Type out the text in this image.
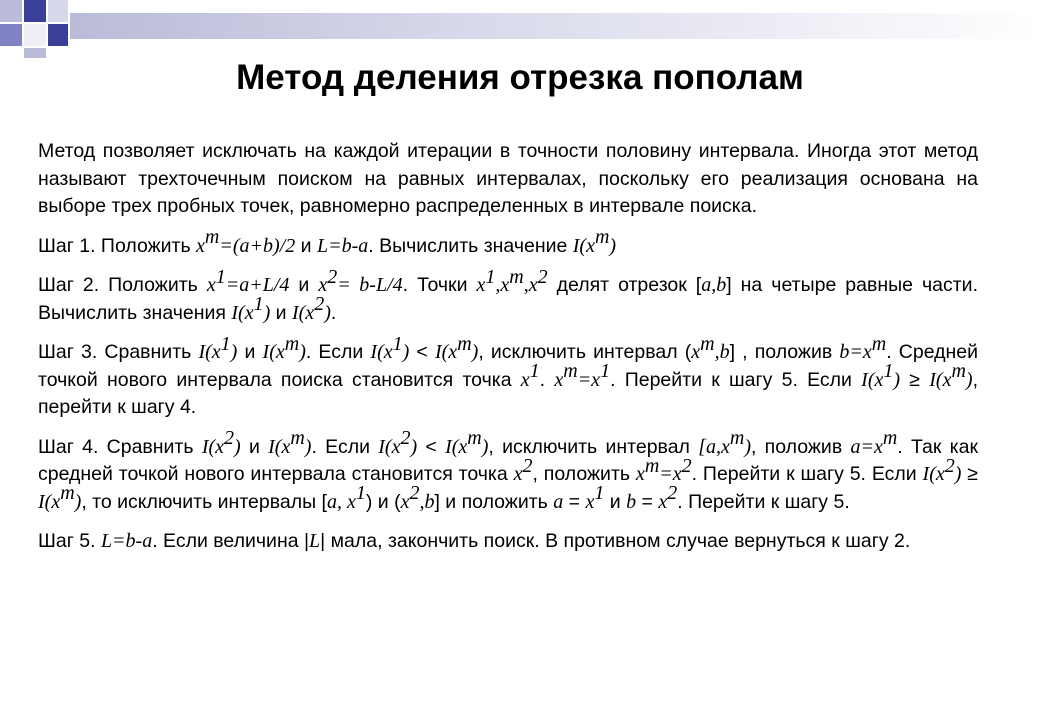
Метод деления отрезка пополам

Метод позволяет исключать на каждой итерации в точности половину интервала. Иногда этот метод называют трехточечным поиском на равных интервалах, поскольку его реализация основана на выборе трех пробных точек, равномерно распределенных в интервале поиска.

Шаг 1. Положить $x^m=(a+b)/2$ и L=b-a. Вычислить значение $I(x^m)$

Шаг 2. Положить $x^1=a+L/4$ и $x^2= b-L/4$. Точки $x^1,x^m,x^2$ делят отрезок [a,b] на четыре равные части. Вычислить значения $I(x^1)$ и $I(x^2)$.

Шаг 3. Сравнить $I(x^1)$ и $I(x^m)$. Если $I(x^1) < I(x^m)$, исключить интервал $(x^m,b]$ , положив $b=x^m$. Средней точкой нового интервала поиска становится точка $x^1$. $x^m=x^1$. Перейти к шагу 5. Если $I(x^1) \ge I(x^m)$, перейти к шагу 4.

Шаг 4. Сравнить $I(x^2)$ и $I(x^m)$. Если $I(x^2) < I(x^m)$, исключить интервал $[a,x^m)$, положив $a=x^m$. Так как средней точкой нового интервала становится точка $x^2$, положить $x^m=x^2$. Перейти к шагу 5. Если $I(x^2) \ge I(x^m)$, то исключить интервалы [a, $x^1$) и $(x^2,b]$ и положить $a = x^1$ и $b = x^2$. Перейти к шагу 5.

Шаг 5. L=b-a. Если величина |L| мала, закончить поиск. В противном случае вернуться к шагу 2.
